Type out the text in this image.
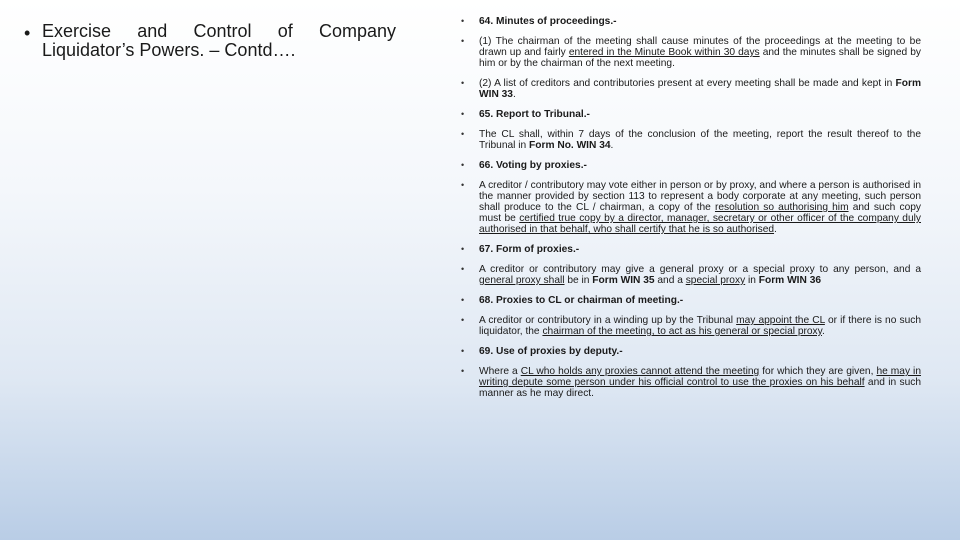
• Exercise and Control of Company Liquidator’s Powers. – Contd….

•	64. Minutes of proceedings.-
•	(1) The chairman of the meeting shall cause minutes of the proceedings at the meeting to be drawn up and fairly entered in the Minute Book within 30 days and the minutes shall be signed by him or by the chairman of the next meeting.
•	(2) A list of creditors and contributories present at every meeting shall be made and kept in Form WIN 33.
•	65. Report to Tribunal.-
•	The CL shall, within 7 days of the conclusion of the meeting, report the result thereof to the Tribunal in Form No. WIN 34.
•	66. Voting by proxies.-
•	A creditor / contributory may vote either in person or by proxy, and where a person is authorised in the manner provided by section 113 to represent a body corporate at any meeting, such person shall produce to the CL / chairman, a copy of the resolution so authorising him and such copy must be certified true copy by a director, manager, secretary or other officer of the company duly authorised in that behalf, who shall certify that he is so authorised.
•	67. Form of proxies.-
•	A creditor or contributory may give a general proxy or a special proxy to any person, and a general proxy shall be in Form WIN 35 and a special proxy in Form WIN 36
•	68. Proxies to CL or chairman of meeting.-
•	A creditor or contributory in a winding up by the Tribunal may appoint the CL or if there is no such liquidator, the chairman of the meeting, to act as his general or special proxy.
•	69. Use of proxies by deputy.-
•	Where a CL who holds any proxies cannot attend the meeting for which they are given, he may in writing depute some person under his official control to use the proxies on his behalf and in such manner as he may direct.
